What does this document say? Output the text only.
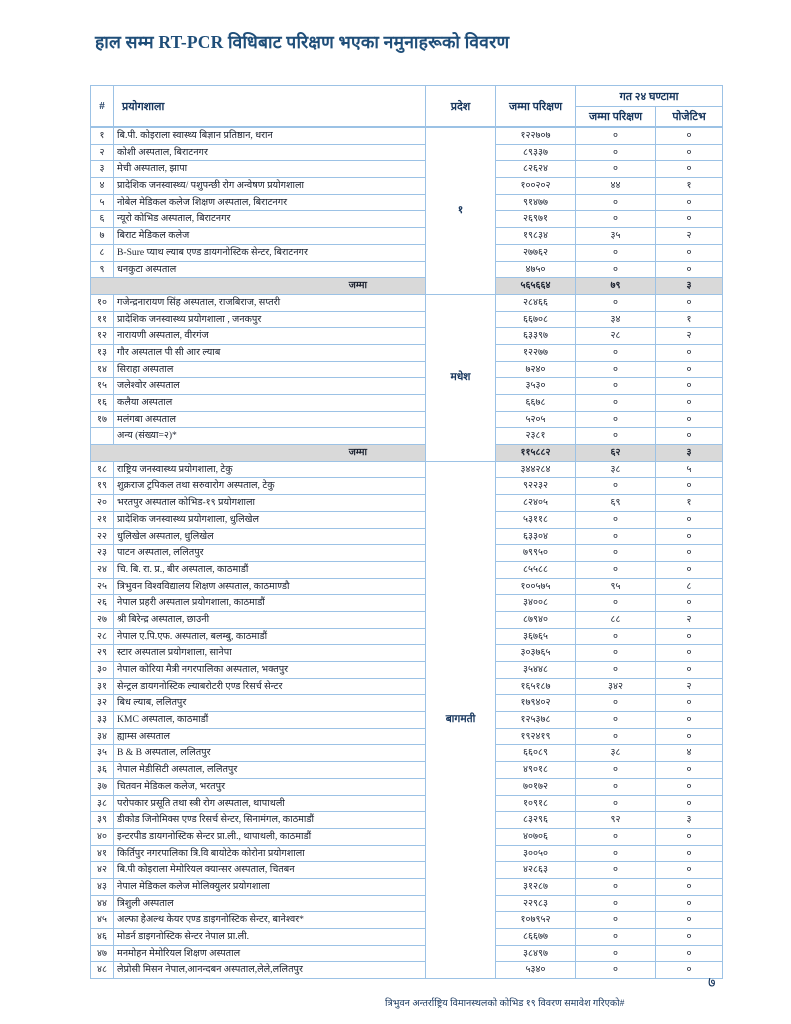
हाल सम्म RT-PCR विधिबाट परिक्षण भएका नमुनाहरूको विवरण
#	प्रयोगशाला	प्रदेश	जम्मा परिक्षण	गत २४ घण्टामा	
				जम्मा परिक्षण	पोजेटिभ
१	बि.पी. कोइराला स्वास्थ्य बिज्ञान प्रतिष्ठान, धरान	१	१२२७०७	०	०
२	कोशी अस्पताल, बिराटनगर		८९३३७	०	०
३	मेची अस्पताल, झापा		८२६२४	०	०
४	प्रादेशिक जनस्वास्थ्य/ पशुपन्छी रोग अन्वेषण प्रयोगशाला		१००२०२	४४	१
५	नोबेल मेडिकल कलेज शिक्षण अस्पताल, बिराटनगर		९१४७७	०	०
६	न्यूरो कोभिड अस्पताल, बिराटनगर		२६९७१	०	०
७	बिराट मेडिकल कलेज		१९८३४	३५	२
८	B-Sure प्याथ ल्याब एण्ड डायगनोस्टिक सेन्टर, बिराटनगर		२७७६२	०	०
९	धनकुटा अस्पताल		४७५०	०	०
जम्मा			५६५६६४	७९	३
१०	गजेन्द्रनारायण सिंह अस्पताल, राजबिराज, सप्तरी	मधेश	२८४६६	०	०
११	प्रादेशिक जनस्वास्थ्य प्रयोगशाला , जनकपुर		६६७०८	३४	१
१२	नारायणी अस्पताल, वीरगंज		६३३९७	२८	२
१३	गौर अस्पताल पी सी आर ल्याब		१२२७७	०	०
१४	सिराहा अस्पताल		७२४०	०	०
१५	जलेश्वोर अस्पताल		३५३०	०	०
१६	कलैया अस्पताल		६६७८	०	०
१७	मलंगबा अस्पताल		५२०५	०	०
	अन्य (संख्या=२)*		२३८१	०	०
जम्मा			११५८८२	६२	३
१८	राष्ट्रिय जनस्वास्थ्य प्रयोगशाला, टेकु	बागमती	३४४२८४	३८	५
१९	शुक्रराज ट्रपिकल तथा सरुवारोग अस्पताल, टेकु		९२२३२	०	०
२०	भरतपुर अस्पताल कोभिड-१९ प्रयोगशाला		८२४०५	६९	१
२१	प्रादेशिक जनस्वास्थ्य प्रयोगशाला, धुलिखेल		५३११८	०	०
२२	धुलिखेल अस्पताल, धुलिखेल		६३३०४	०	०
२३	पाटन अस्पताल, ललितपुर		७९९५०	०	०
२४	चि. बि. रा. प्र., बीर अस्पताल, काठमाडौं		८५५८८	०	०
२५	त्रिभुवन विश्वविद्यालय शिक्षण अस्पताल, काठमाण्डौ		१००५७५	९५	८
२६	नेपाल प्रहरी अस्पताल प्रयोगशाला, काठमाडौं		३४००८	०	०
२७	श्री बिरेन्द्र अस्पताल, छाउनी		८७९४०	८८	२
२८	नेपाल ए.पि.एफ. अस्पताल, बलम्बु, काठमाडौं		३६७६५	०	०
२९	स्टार अस्पताल प्रयोगशाला, सानेपा		३०३७६५	०	०
३०	नेपाल कोरिया मैत्री नगरपालिका अस्पताल, भक्तपुर		३५४४८	०	०
३१	सेन्ट्रल डायगनोस्टिक ल्याबरोटरी एण्ड रिसर्च सेन्टर		१६५१८७	३४२	२
३२	बिध ल्याब, ललितपुर		१७९४०२	०	०
३३	KMC अस्पताल, काठमाडौं		१२५३७८	०	०
३४	ह्याम्स अस्पताल		१९२४१९	०	०
३५	B & B अस्पताल, ललितपुर		६६०८९	३८	४
३६	नेपाल मेडीसिटी अस्पताल, ललितपुर		४९०१८	०	०
३७	चितवन मेडिकल कलेज, भरतपुर		७०१७२	०	०
३८	परोपकार प्रसूति तथा स्त्री रोग अस्पताल, थापाथली		१०९१८	०	०
३९	डीकोड जिनोमिक्स एण्ड रिसर्च सेन्टर, सिनामंगल, काठमाडौं		८३२९६	९२	३
४०	इन्टरपीड डायगनोस्टिक सेन्टर प्रा.ली., थापाथली, काठमाडौं		४०७०६	०	०
४१	किर्तिपुर नगरपालिका त्रि.वि बायोटेक कोरोना प्रयोगशाला		३००५०	०	०
४२	बि.पी कोइराला मेमोरियल क्यान्सर अस्पताल, चितबन		४२८६३	०	०
४३	नेपाल मेडिकल कलेज मोलिक्युलर प्रयोगशाला		३१२८७	०	०
४४	त्रिशुली अस्पताल		२२९८३	०	०
४५	अल्फा हेअल्थ केयर एण्ड डाइगनोस्टिक सेन्टर, बानेश्वर*		१०७९५२	०	०
४६	मोडर्न डाइगनोस्टिक सेन्टर नेपाल प्रा.ली.		८६६७७	०	०
४७	मनमोहन मेमोरियल शिक्षण अस्पताल		३८४९७	०	०
४८	लेप्रोसी मिसन नेपाल,आनन्दबन अस्पताल,लेले,ललितपुर		५३४०	०	०
त्रिभुवन अन्तर्राष्ट्रिय विमानस्थलको कोभिड १९ विवरण समावेश गरिएको#
७
